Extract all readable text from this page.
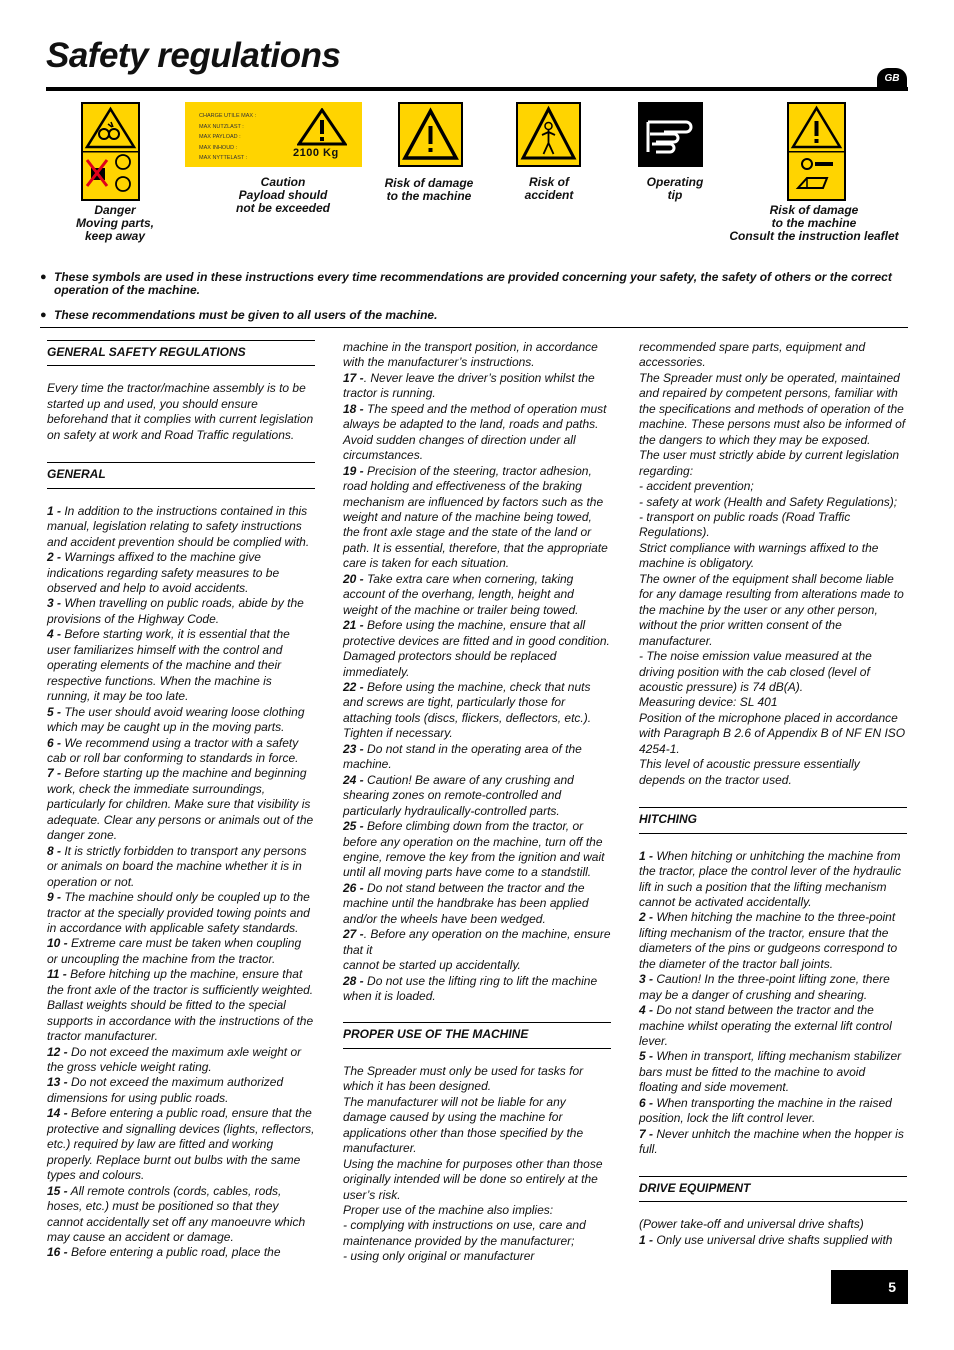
Safety regulations
GB
Danger
Moving parts,
keep away
CHARGE UTILE MAX :
MAX NUTZLAST :
MAX PAYLOAD :
MAX INHOUD :
MAX NYTTELAST :	2100 Kg
Caution
Payload should
not be exceeded
Risk of damage
to the machine
Risk of
accident
Operating
tip
Risk of damage
to the machine
Consult the instruction leaflet
● These symbols are used in these instructions every time recommendations are provided concerning your safety, the safety of others or the correct operation of the machine.
● These recommendations must be given to all users of the machine.
GENERAL SAFETY REGULATIONS

Every time the tractor/machine assembly is to be started up and used, you should ensure beforehand that it complies with current legislation on safety at work and Road Traffic regulations.

GENERAL

1 - In addition to the instructions contained in this manual, legislation relating to safety instructions and accident prevention should be complied with.

2 - Warnings affixed to the machine give indications regarding safety measures to be observed and help to avoid accidents.

3 - When travelling on public roads, abide by the provisions of the Highway Code.

4 - Before starting work, it is essential that the user familiarizes himself with the control and operating elements of the machine and their respective functions. When the machine is running, it may be too late.

5 - The user should avoid wearing loose clothing which may be caught up in the moving parts.

6 - We recommend using a tractor with a safety cab or roll bar conforming to standards in force.

7 - Before starting up the machine and beginning work, check the immediate surroundings, particularly for children. Make sure that visibility is adequate. Clear any persons or animals out of the danger zone.

8 - It is strictly forbidden to transport any persons or animals on board the machine whether it is in operation or not.

9 - The machine should only be coupled up to the tractor at the specially provided towing points and in accordance with applicable safety standards.

10 - Extreme care must be taken when coupling or uncoupling the machine from the tractor.

11 - Before hitching up the machine, ensure that the front axle of the tractor is sufficiently weighted. Ballast weights should be fitted to the special supports in accordance with the instructions of the tractor manufacturer.

12 - Do not exceed the maximum axle weight or the gross vehicle weight rating.

13 - Do not exceed the maximum authorized dimensions for using public roads.

14 - Before entering a public road, ensure that the protective and signalling devices (lights, reflectors, etc.) required by law are fitted and working properly. Replace burnt out bulbs with the same types and colours.

15 - All remote controls (cords, cables, rods, hoses, etc.) must be positioned so that they cannot accidentally set off any manoeuvre which may cause an accident or damage.

16 - Before entering a public road, place the

machine in the transport position, in accordance with the manufacturer’s instructions.

17 -. Never leave the driver’s position whilst the tractor is running.

18 - The speed and the method of operation must always be adapted to the land, roads and paths. Avoid sudden changes of direction under all circumstances.

19 - Precision of the steering, tractor adhesion, road holding and effectiveness of the braking mechanism are influenced by factors such as the weight and nature of the machine being towed, the front axle stage and the state of the land or path. It is essential, therefore, that the appropriate care is taken for each situation.

20 - Take extra care when cornering, taking account of the overhang, length, height and weight of the machine or trailer being towed.

21 - Before using the machine, ensure that all protective devices are fitted and in good condition. Damaged protectors should be replaced immediately.

22 - Before using the machine, check that nuts and screws are tight, particularly those for attaching tools (discs, flickers, deflectors, etc.). Tighten if necessary.

23 - Do not stand in the operating area of the machine.

24 - Caution! Be aware of any crushing and shearing zones on remote-controlled and particularly hydraulically-controlled parts.

25 - Before climbing down from the tractor, or before any operation on the machine, turn off the engine, remove the key from the ignition and wait until all moving parts have come to a standstill.

26 - Do not stand between the tractor and the machine until the handbrake has been applied and/or the wheels have been wedged.

27 -. Before any operation on the machine, ensure that it

cannot be started up accidentally.

28 - Do not use the lifting ring to lift the machine when it is loaded.

PROPER USE OF THE MACHINE

The Spreader must only be used for tasks for which it has been designed.

The manufacturer will not be liable for any damage caused by using the machine for applications other than those specified by the manufacturer.

Using the machine for purposes other than those originally intended will be done so entirely at the user’s risk.

Proper use of the machine also implies:

- complying with instructions on use, care and maintenance provided by the manufacturer;

- using only original or manufacturer

recommended spare parts, equipment and accessories.

The Spreader must only be operated, maintained and repaired by competent persons, familiar with the specifications and methods of operation of the machine. These persons must also be informed of the dangers to which they may be exposed.

The user must strictly abide by current legislation regarding:

- accident prevention;

- safety at work (Health and Safety Regulations);

- transport on public roads (Road Traffic Regulations).

Strict compliance with warnings affixed to the machine is obligatory.

The owner of the equipment shall become liable for any damage resulting from alterations made to the machine by the user or any other person, without the prior written consent of the manufacturer.

- The noise emission value measured at the driving position with the cab closed (level of acoustic pressure) is 74 dB(A).

Measuring device: SL 401

Position of the microphone placed in accordance with Paragraph B 2.6 of Appendix B of NF EN ISO 4254-1.

This level of acoustic pressure essentially depends on the tractor used.

HITCHING

1 - When hitching or unhitching the machine from the tractor, place the control lever of the hydraulic lift in such a position that the lifting mechanism cannot be activated accidentally.

2 - When hitching the machine to the three-point lifting mechanism of the tractor, ensure that the diameters of the pins or gudgeons correspond to the diameter of the tractor ball joints.

3 - Caution! In the three-point lifting zone, there may be a danger of crushing and shearing.

4 - Do not stand between the tractor and the machine whilst operating the external lift control lever.

5 - When in transport, lifting mechanism stabilizer bars must be fitted to the machine to avoid floating and side movement.

6 - When transporting the machine in the raised position, lock the lift control lever.

7 - Never unhitch the machine when the hopper is full.

DRIVE EQUIPMENT

(Power take-off and universal drive shafts)

1 - Only use universal drive shafts supplied with

5
